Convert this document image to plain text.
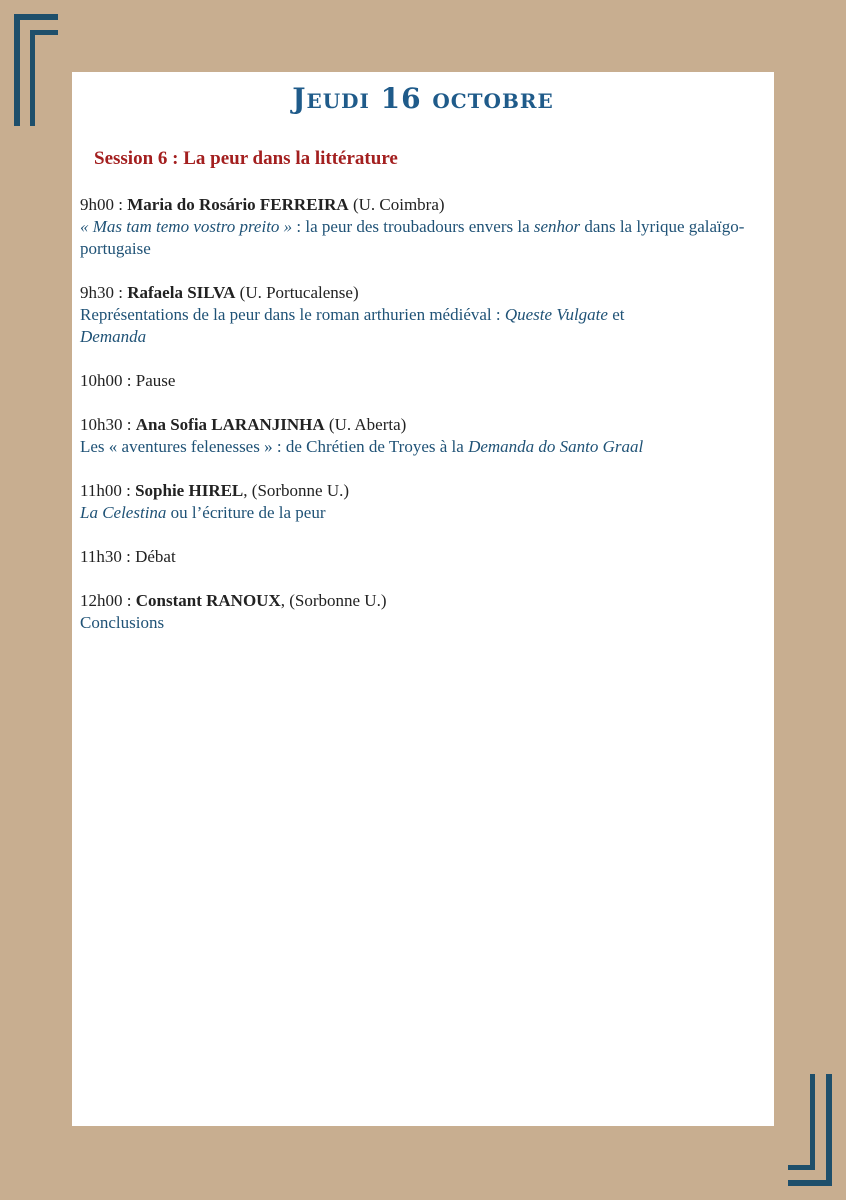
Jeudi 16 octobre
Session 6 : La peur dans la littérature
9h00 : Maria do Rosário FERREIRA (U. Coimbra)
« Mas tam temo vostro preito » : la peur des troubadours envers la senhor dans la lyrique galaïgo-portugaise
9h30 : Rafaela SILVA (U. Portucalense)
Représentations de la peur dans le roman arthurien médiéval : Queste Vulgate et
Demanda
10h00 : Pause
10h30 : Ana Sofia LARANJINHA (U. Aberta)
Les « aventures felenesses » : de Chrétien de Troyes à la Demanda do Santo Graal
11h00 : Sophie HIREL, (Sorbonne U.)
La Celestina ou l’écriture de la peur
11h30 : Débat
12h00 : Constant RANOUX, (Sorbonne U.)
Conclusions
